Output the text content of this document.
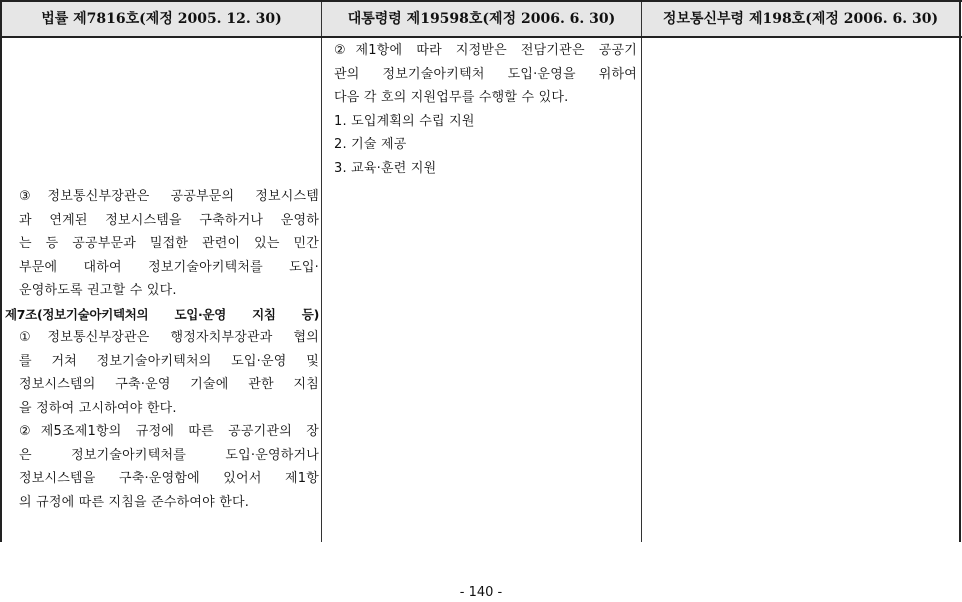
법률 제7816호(제정 2005. 12. 30)	대통령령 제19598호(제정 2006. 6. 30)	정보통신부령 제198호(제정 2006. 6. 30)
③정보통신부장관은 공공부문의 정보시스템
과 연계된 정보시스템을 구축하거나 운영하
는 등 공공부문과 밀접한 관련이 있는 민간
부문에 대하여 정보기술아키텍처를 도입·
운영하도록 권고할 수 있다.
제7조(정보기술아키텍처의 도입·운영 지침 등)
①정보통신부장관은 행정자치부장관과 협의
를 거쳐 정보기술아키텍처의 도입·운영 및
정보시스템의 구축·운영 기술에 관한 지침
을 정하여 고시하여야 한다.
②제5조제1항의 규정에 따른 공공기관의 장
은 정보기술아키텍처를 도입·운영하거나
정보시스템을 구축·운영함에 있어서 제1항
의 규정에 따른 지침을 준수하여야 한다.
②제1항에 따라 지정받은 전담기관은 공공기
관의 정보기술아키텍처 도입·운영을 위하여
다음 각 호의 지원업무를 수행할 수 있다.
1. 도입계획의 수립 지원
2. 기술 제공
3. 교육·훈련 지원
- 140 -
